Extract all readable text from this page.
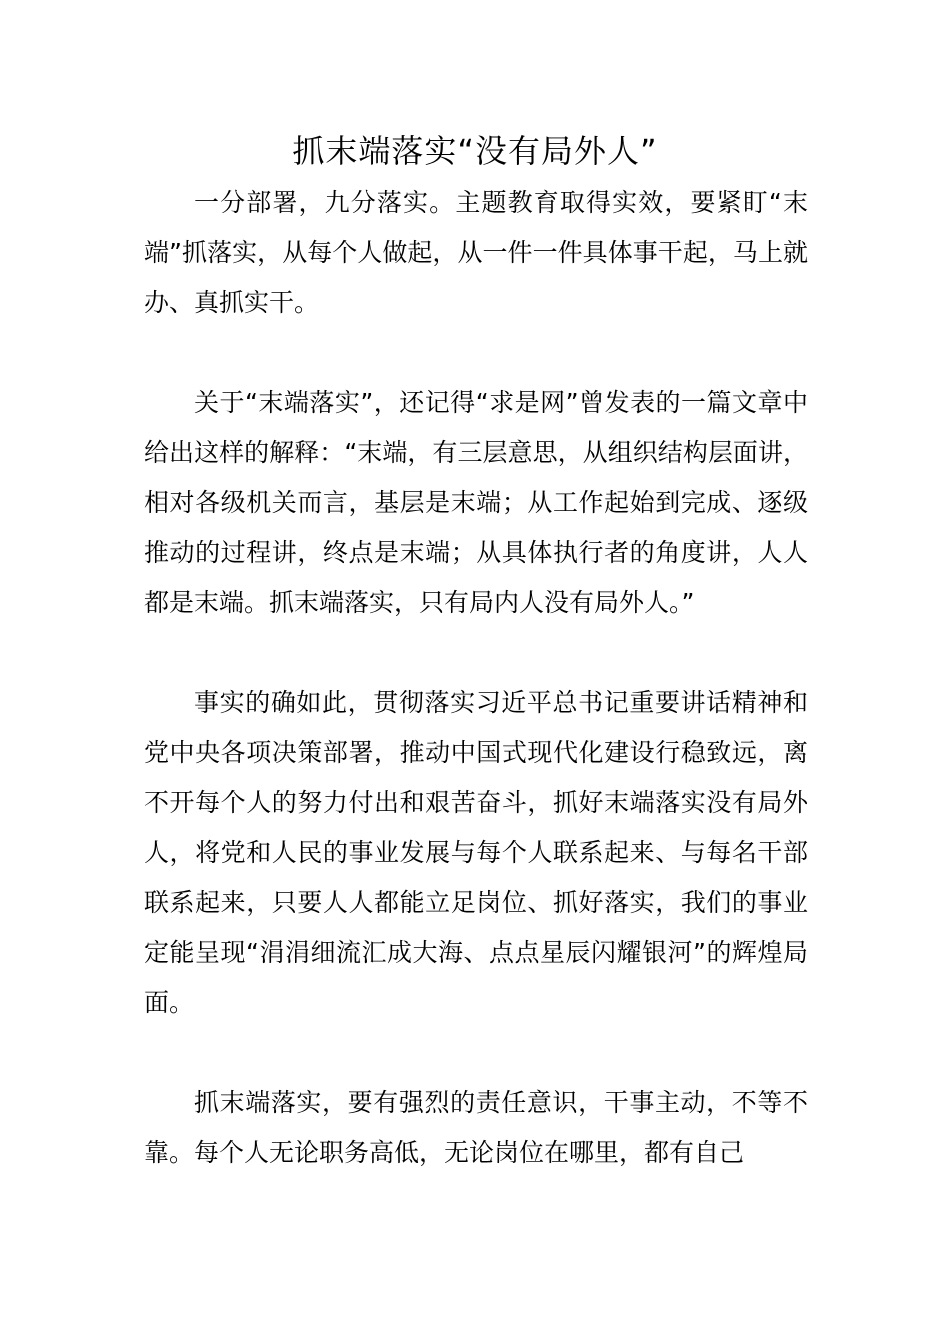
抓末端落实“没有局外人”

一分部署，九分落实。主题教育取得实效，要紧盯“末端”抓落实，从每个人做起，从一件一件具体事干起，马上就办、真抓实干。

关于“末端落实”，还记得“求是网”曾发表的一篇文章中给出这样的解释：“末端，有三层意思，从组织结构层面讲，相对各级机关而言，基层是末端；从工作起始到完成、逐级推动的过程讲，终点是末端；从具体执行者的角度讲，人人都是末端。抓末端落实，只有局内人没有局外人。”

事实的确如此，贯彻落实习近平总书记重要讲话精神和党中央各项决策部署，推动中国式现代化建设行稳致远，离不开每个人的努力付出和艰苦奋斗，抓好末端落实没有局外人，将党和人民的事业发展与每个人联系起来、与每名干部联系起来，只要人人都能立足岗位、抓好落实，我们的事业定能呈现“涓涓细流汇成大海、点点星辰闪耀银河”的辉煌局面。

抓末端落实，要有强烈的责任意识，干事主动，不等不靠。每个人无论职务高低，无论岗位在哪里，都有自己
